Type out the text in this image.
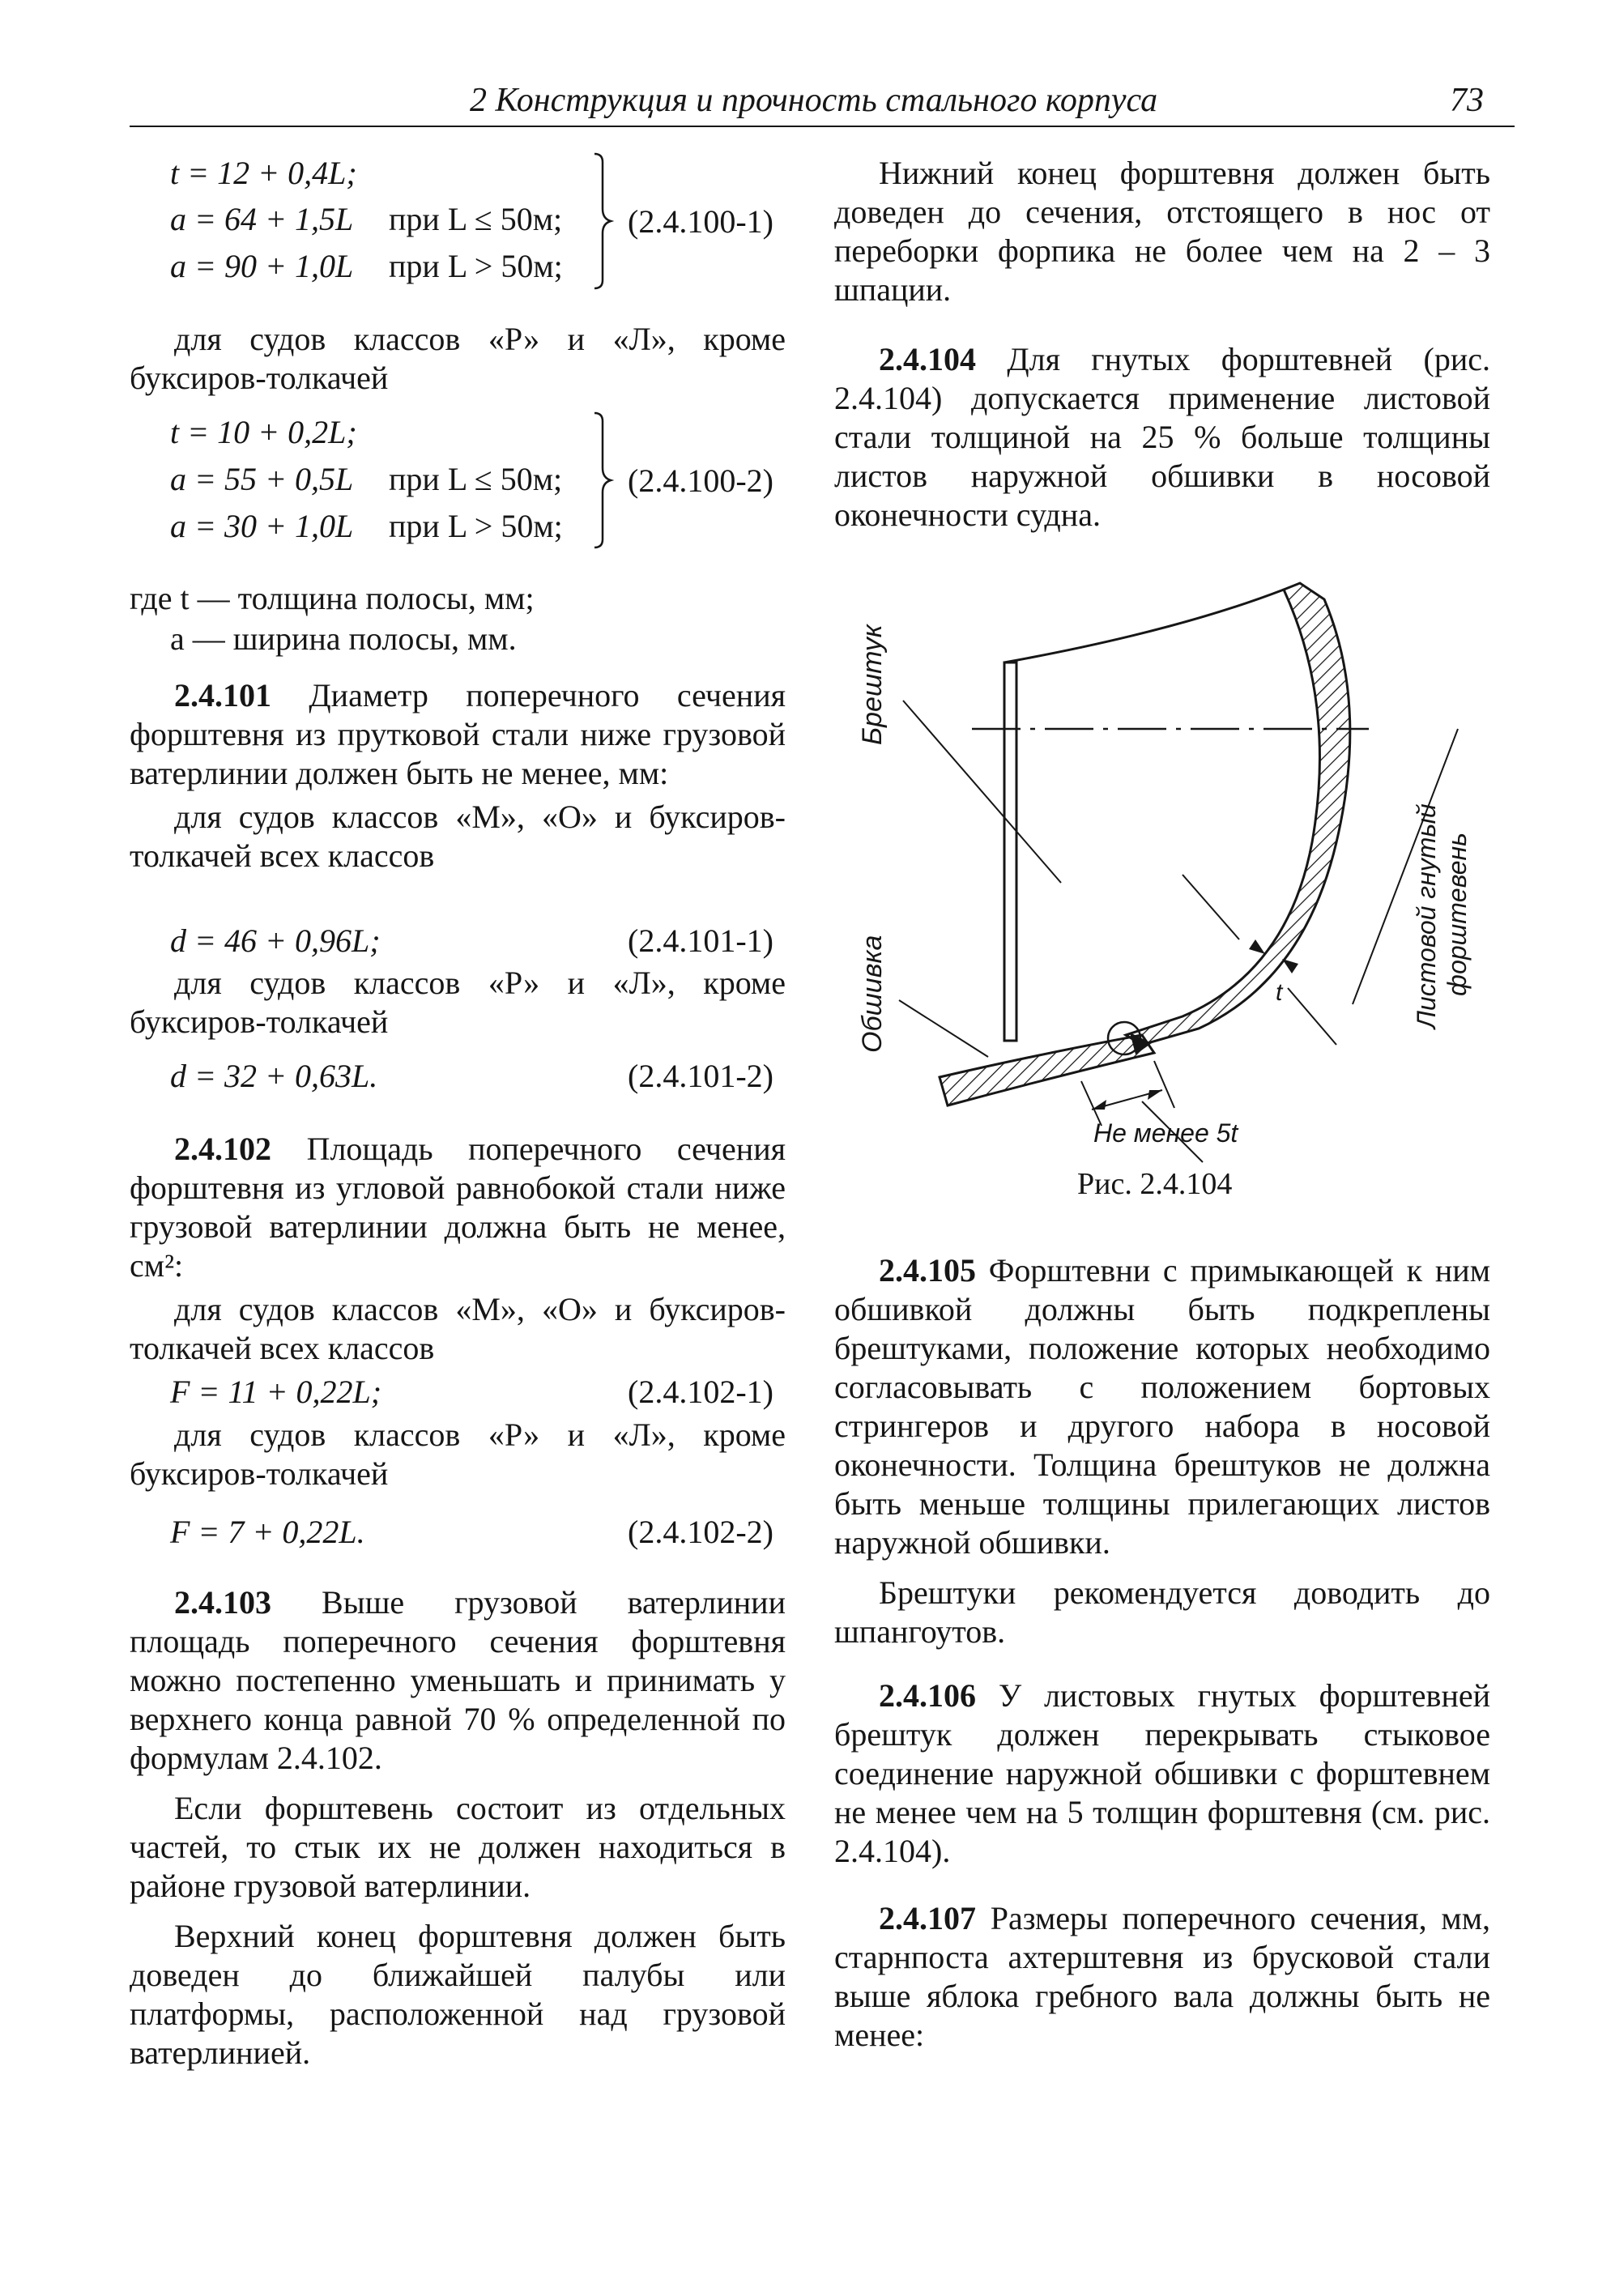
2 Конструкция и прочность стального корпуса	73
t = 12 + 0,4L;
a = 64 + 1,5L при L ≤ 50м;
a = 90 + 1,0L при L > 50м;
(2.4.100-1)

для судов классов «Р» и «Л», кроме буксиров-толкачей

t = 10 + 0,2L;
a = 55 + 0,5L при L ≤ 50м;
a = 30 + 1,0L при L > 50м;
(2.4.100-2)
где t — толщина полосы, мм;
a — ширина полосы, мм.

2.4.101 Диаметр поперечного сечения форштевня из прутковой стали ниже грузовой ватерлинии должен быть не менее, мм:

для судов классов «М», «О» и буксиров-толкачей всех классов

d = 46 + 0,96L;	(2.4.101-1)

для судов классов «Р» и «Л», кроме буксиров-толкачей

d = 32 + 0,63L.	(2.4.101-2)

2.4.102 Площадь поперечного сечения форштевня из угловой равнобокой стали ниже грузовой ватерлинии должна быть не менее, см²:

для судов классов «М», «О» и буксиров-толкачей всех классов

F = 11 + 0,22L;	(2.4.102-1)

для судов классов «Р» и «Л», кроме буксиров-толкачей

F = 7 + 0,22L.	(2.4.102-2)

2.4.103 Выше грузовой ватерлинии площадь поперечного сечения форштевня можно постепенно уменьшать и принимать у верхнего конца равной 70 % определенной по формулам 2.4.102.

Если форштевень состоит из отдельных частей, то стык их не должен находиться в районе грузовой ватерлинии.

Верхний конец форштевня должен быть доведен до ближайшей палубы или платформы, расположенной над грузовой ватерлинией.

Нижний конец форштевня должен быть доведен до сечения, отстоящего в нос от переборки форпика не более чем на 2 – 3 шпации.

2.4.104 Для гнутых форштевней (рис. 2.4.104) допускается применение листовой стали толщиной на 25 % больше толщины листов наружной обшивки в носовой оконечности судна.

Брештук
Обшивка	Листовой гнутый форштевень
t
Не менее 5t
Рис. 2.4.104

2.4.105 Форштевни с примыкающей к ним обшивкой должны быть подкреплены брештуками, положение которых необходимо согласовывать с положением бортовых стрингеров и другого набора в носовой оконечности. Толщина брештуков не должна быть меньше толщины прилегающих листов наружной обшивки.

Брештуки рекомендуется доводить до шпангоутов.

2.4.106 У листовых гнутых форштевней брештук должен перекрывать стыковое соединение наружной обшивки с форштевнем не менее чем на 5 толщин форштевня (см. рис. 2.4.104).

2.4.107 Размеры поперечного сечения, мм, старнпоста ахтерштевня из брусковой стали выше яблока гребного вала должны быть не менее:
